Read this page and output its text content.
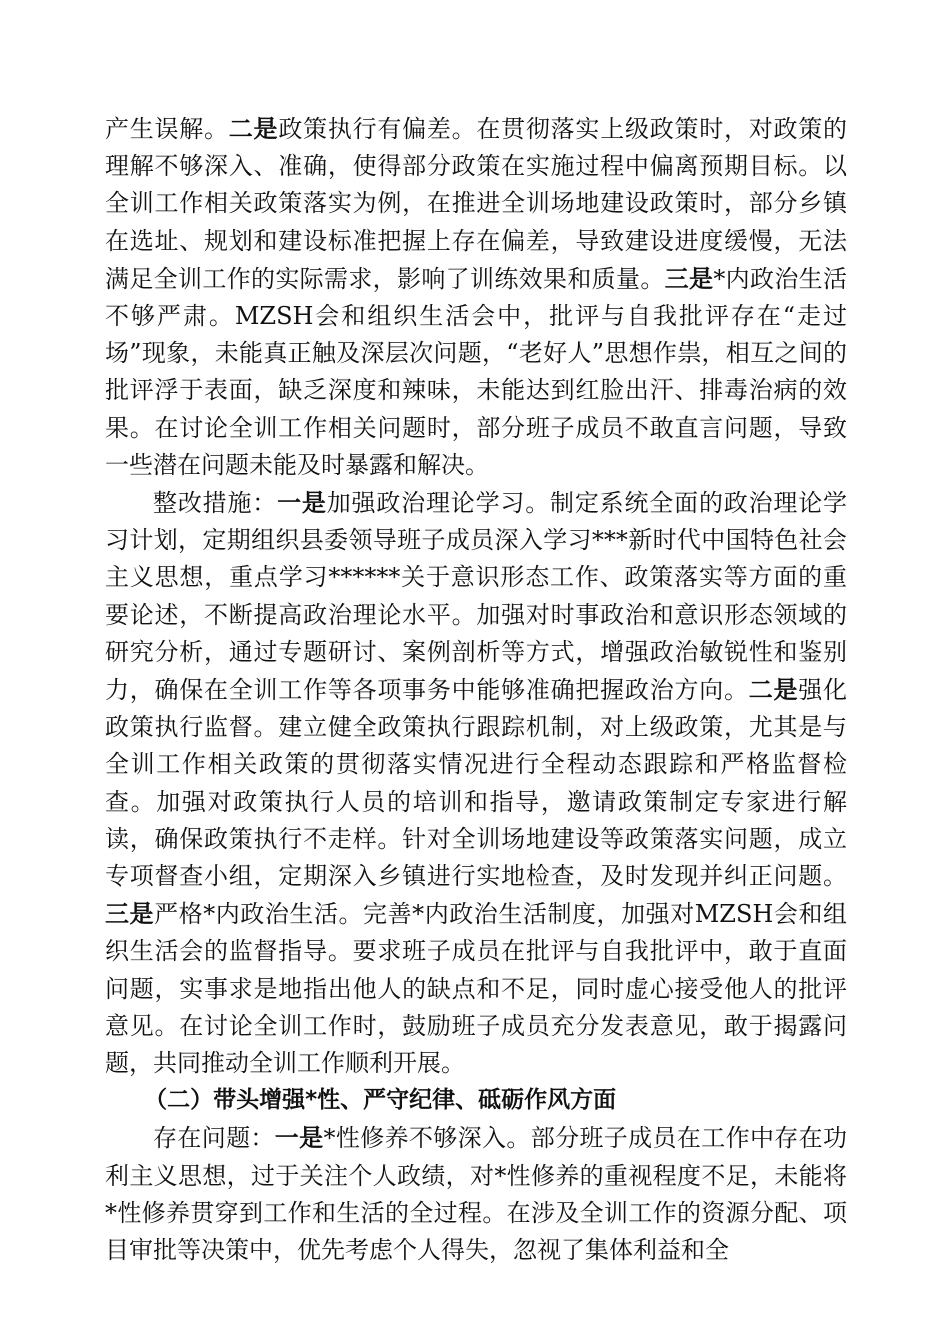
产生误解。二是政策执行有偏差。在贯彻落实上级政策时，对政策的理解不够深入、准确，使得部分政策在实施过程中偏离预期目标。以全训工作相关政策落实为例，在推进全训场地建设政策时，部分乡镇在选址、规划和建设标准把握上存在偏差，导致建设进度缓慢，无法满足全训工作的实际需求，影响了训练效果和质量。三是*内政治生活不够严肃。MZSH会和组织生活会中，批评与自我批评存在“走过场”现象，未能真正触及深层次问题，“老好人”思想作祟，相互之间的批评浮于表面，缺乏深度和辣味，未能达到红脸出汗、排毒治病的效果。在讨论全训工作相关问题时，部分班子成员不敢直言问题，导致一些潜在问题未能及时暴露和解决。

整改措施：一是加强政治理论学习。制定系统全面的政治理论学习计划，定期组织县委领导班子成员深入学习***新时代中国特色社会主义思想，重点学习******关于意识形态工作、政策落实等方面的重要论述，不断提高政治理论水平。加强对时事政治和意识形态领域的研究分析，通过专题研讨、案例剖析等方式，增强政治敏锐性和鉴别力，确保在全训工作等各项事务中能够准确把握政治方向。二是强化政策执行监督。建立健全政策执行跟踪机制，对上级政策，尤其是与全训工作相关政策的贯彻落实情况进行全程动态跟踪和严格监督检查。加强对政策执行人员的培训和指导，邀请政策制定专家进行解读，确保政策执行不走样。针对全训场地建设等政策落实问题，成立专项督查小组，定期深入乡镇进行实地检查，及时发现并纠正问题。三是严格*内政治生活。完善*内政治生活制度，加强对MZSH会和组织生活会的监督指导。要求班子成员在批评与自我批评中，敢于直面问题，实事求是地指出他人的缺点和不足，同时虚心接受他人的批评意见。在讨论全训工作时，鼓励班子成员充分发表意见，敢于揭露问题，共同推动全训工作顺利开展。

（二）带头增强*性、严守纪律、砥砺作风方面

存在问题：一是*性修养不够深入。部分班子成员在工作中存在功利主义思想，过于关注个人政绩，对*性修养的重视程度不足，未能将*性修养贯穿到工作和生活的全过程。在涉及全训工作的资源分配、项目审批等决策中，优先考虑个人得失，忽视了集体利益和全
